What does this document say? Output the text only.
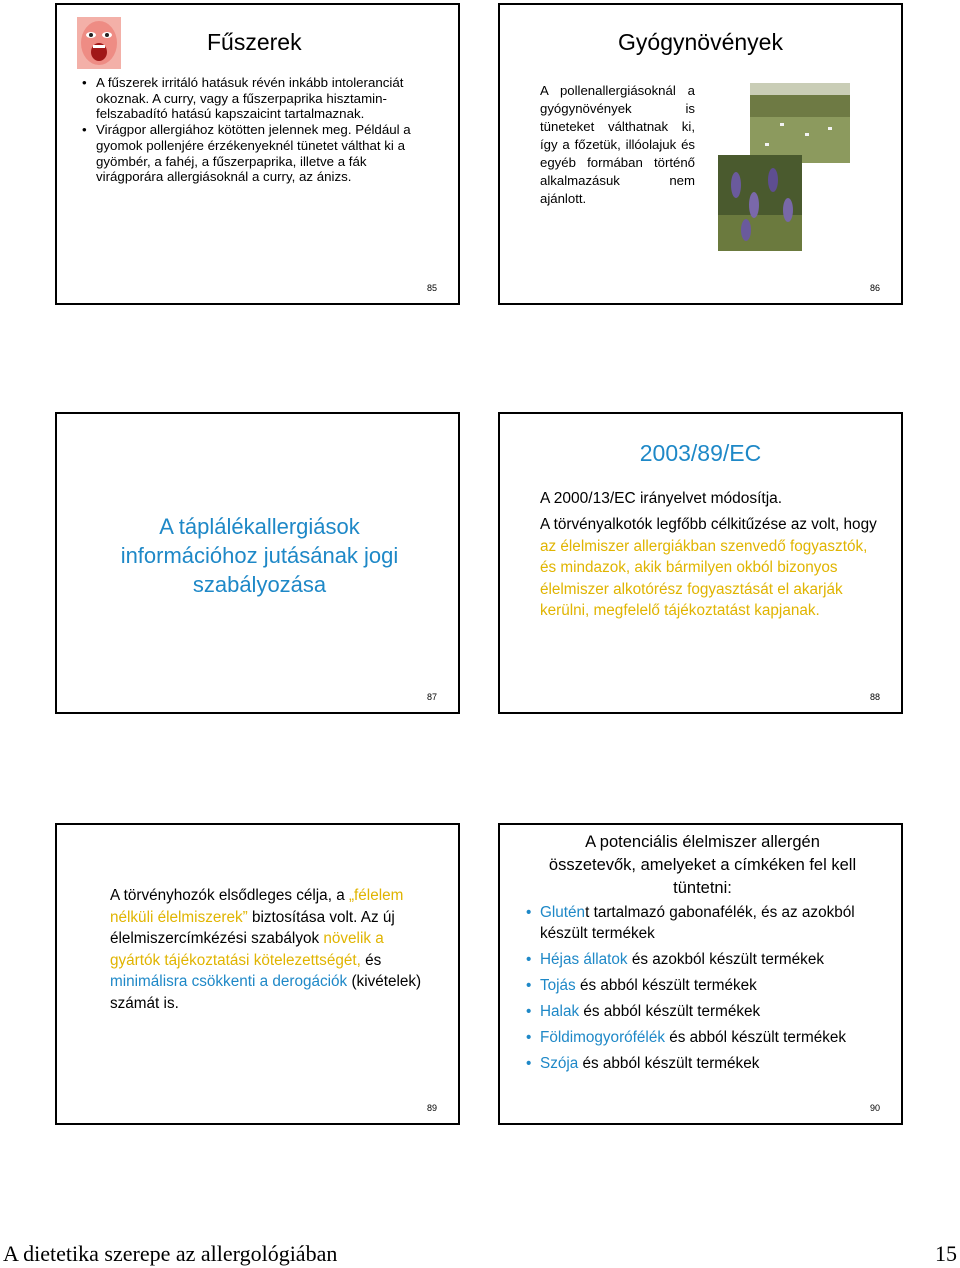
Fűszerek
• A fűszerek irritáló hatásuk révén inkább intoleranciát okoznak. A curry, vagy a fűszerpaprika hisztamin-felszabadító hatású kapszaicint tartalmaznak.
• Virágpor allergiához kötötten jelennek meg. Például a gyomok pollenjére érzékenyeknél tünetet válthat ki a gyömbér, a fahéj, a fűszerpaprika, illetve a fák virágporára allergiásoknál a curry, az ánizs.
85
Gyógynövények
A pollenallergiásoknál a gyógynövények is tüneteket válthatnak ki, így a főzetük, illóolajuk és egyéb formában történő alkalmazásuk nem ajánlott.
86
A táplálékallergiások információhoz jutásának jogi szabályozása
87
2003/89/EC
A 2000/13/EC irányelvet módosítja.
A törvényalkotók legfőbb célkitűzése az volt, hogy az élelmiszer allergiákban szenvedő fogyasztók, és mindazok, akik bármilyen okból bizonyos élelmiszer alkotórész fogyasztását el akarják kerülni, megfelelő tájékoztatást kapjanak.
88
A törvényhozók elsődleges célja, a „félelem nélküli élelmiszerek” biztosítása volt. Az új élelmiszercímkézési szabályok növelik a gyártók tájékoztatási kötelezettségét, és minimálisra csökkenti a derogációk (kivételek) számát is.
89
A potenciális élelmiszer allergén összetevők, amelyeket a címkéken fel kell tüntetni:
• Glutént tartalmazó gabonafélék, és az azokból készült termékek
• Héjas állatok és azokból készült termékek
• Tojás és abból készült termékek
• Halak és abból készült termékek
• Földimogyorófélék és abból készült termékek
• Szója és abból készült termékek
90
A dietetika szerepe az allergológiában	15
